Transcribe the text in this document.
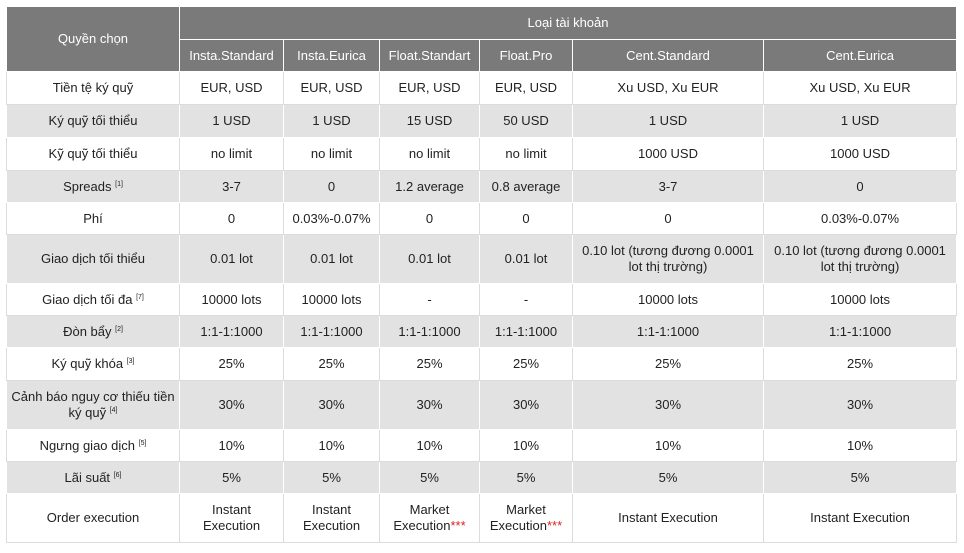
Quyền chọn	Loại tài khoản					
	Insta.Standard	Insta.Eurica	Float.Standart	Float.Pro	Cent.Standard	Cent.Eurica
Tiền tệ ký quỹ	EUR, USD	EUR, USD	EUR, USD	EUR, USD	Xu USD, Xu EUR	Xu USD, Xu EUR
Ký quỹ tối thiểu	1 USD	1 USD	15 USD	50 USD	1 USD	1 USD
Kỹ quỹ tối thiểu	no limit	no limit	no limit	no limit	1000 USD	1000 USD
Spreads [1]	3-7	0	1.2 average	0.8 average	3-7	0
Phí	0	0.03%-0.07%	0	0	0	0.03%-0.07%
Giao dịch tối thiểu	0.01 lot	0.01 lot	0.01 lot	0.01 lot	0.10 lot (tương đương 0.0001 lot thị trường)	0.10 lot (tương đương 0.0001 lot thị trường)
Giao dịch tối đa [7]	10000 lots	10000 lots	-	-	10000 lots	10000 lots
Đòn bẩy [2]	1:1-1:1000	1:1-1:1000	1:1-1:1000	1:1-1:1000	1:1-1:1000	1:1-1:1000
Ký quỹ khóa [3]	25%	25%	25%	25%	25%	25%
Cảnh báo nguy cơ thiếu tiền ký quỹ [4]	30%	30%	30%	30%	30%	30%
Ngưng giao dịch [5]	10%	10%	10%	10%	10%	10%
Lãi suất [6]	5%	5%	5%	5%	5%	5%
Order execution	Instant Execution	Instant Execution	Market Execution***	Market Execution***	Instant Execution	Instant Execution
